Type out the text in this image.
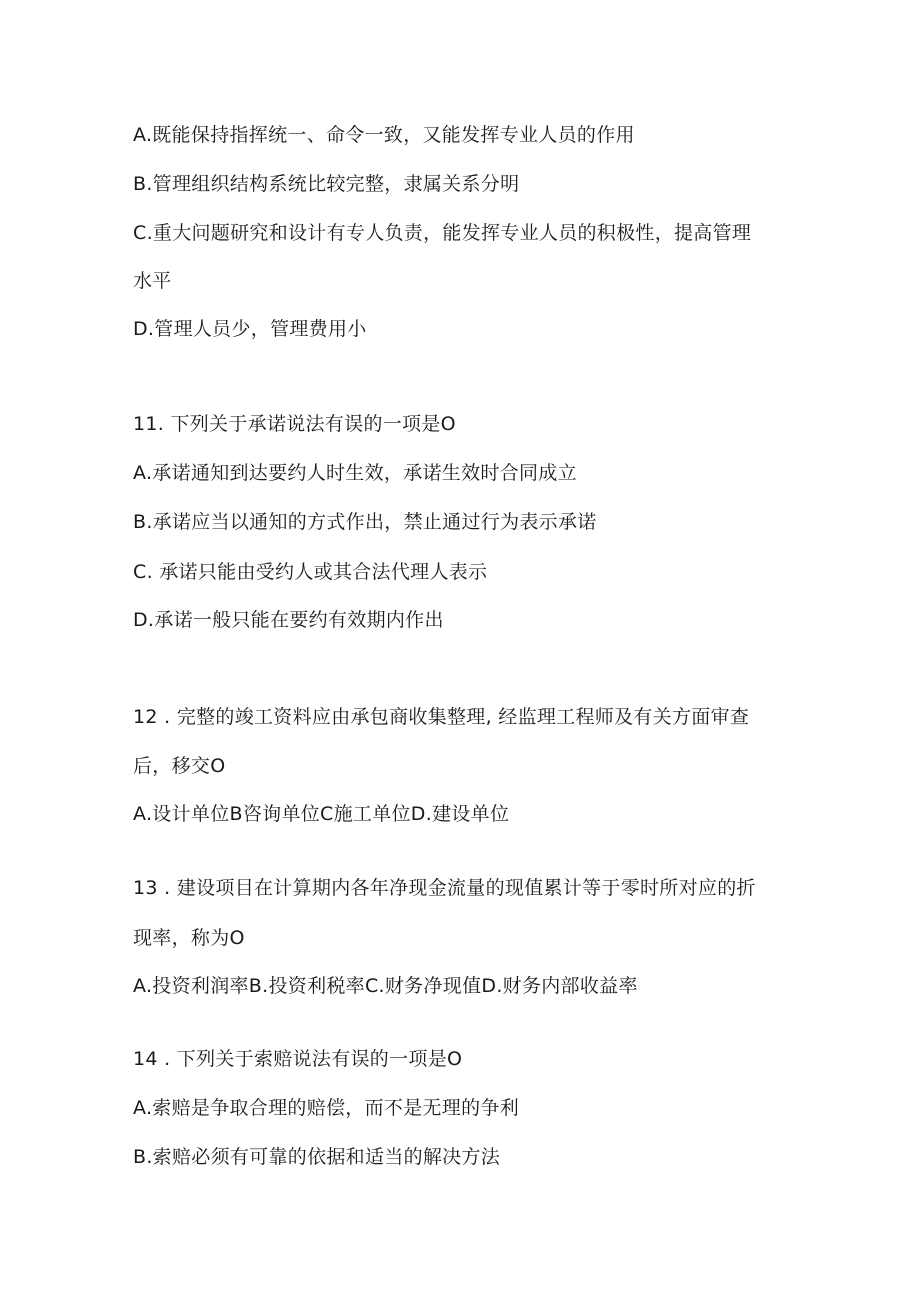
A.既能保持指挥统一、命令一致，又能发挥专业人员的作用
B.管理组织结构系统比较完整，隶属关系分明
C.重大问题研究和设计有专人负责，能发挥专业人员的积极性，提高管理
水平
D.管理人员少，管理费用小
11. 下列关于承诺说法有误的一项是O
A.承诺通知到达要约人时生效，承诺生效时合同成立
B.承诺应当以通知的方式作出，禁止通过行为表示承诺
C. 承诺只能由受约人或其合法代理人表示
D.承诺一般只能在要约有效期内作出
12 . 完整的竣工资料应由承包商收集整理, 经监理工程师及有关方面审查
后，移交O
A.设计单位B咨询单位C施工单位D.建设单位
13 . 建设项目在计算期内各年净现金流量的现值累计等于零时所对应的折
现率，称为O
A.投资利润率B.投资利税率C.财务净现值D.财务内部收益率
14 . 下列关于索赔说法有误的一项是O
A.索赔是争取合理的赔偿，而不是无理的争利
B.索赔必须有可靠的依据和适当的解决方法
